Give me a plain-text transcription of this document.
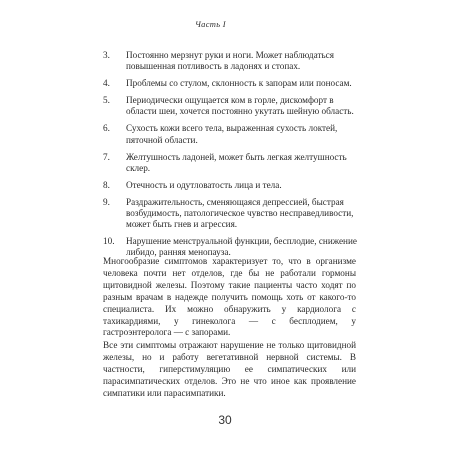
Часть I
3.	Постоянно мерзнут руки и ноги. Может наблюдаться повышенная потливость в ладонях и стопах.
4.	Проблемы со стулом, склонность к запорам или поносам.
5.	Периодически ощущается ком в горле, дискомфорт в области шеи, хочется постоянно укутать шейную область.
6.	Сухость кожи всего тела, выраженная сухость локтей, пяточной области.
7.	Желтушность ладоней, может быть легкая желтушность склер.
8.	Отечность и одутловатость лица и тела.
9.	Раздражительность, сменяющаяся депрессией, быстрая возбудимость, патологическое чувство несправедливости, может быть гнев и агрессия.
10.	Нарушение менструальной функции, бесплодие, снижение либидо, ранняя менопауза.

Многообразие симптомов характеризует то, что в организме человека почти нет отделов, где бы не работали гормоны щитовидной железы. Поэтому такие пациенты часто ходят по разным врачам в надежде получить помощь хоть от какого-то специалиста. Их можно обнаружить у кардиолога с тахикардиями, у гинеколога — с бесплодием, у гастроэнтеролога — с запорами.

Все эти симптомы отражают нарушение не только щитовидной железы, но и работу вегетативной нервной системы. В частности, гиперстимуляцию ее симпатических или парасимпатических отделов. Это не что иное как проявление симпатики или парасимпатики.

30
